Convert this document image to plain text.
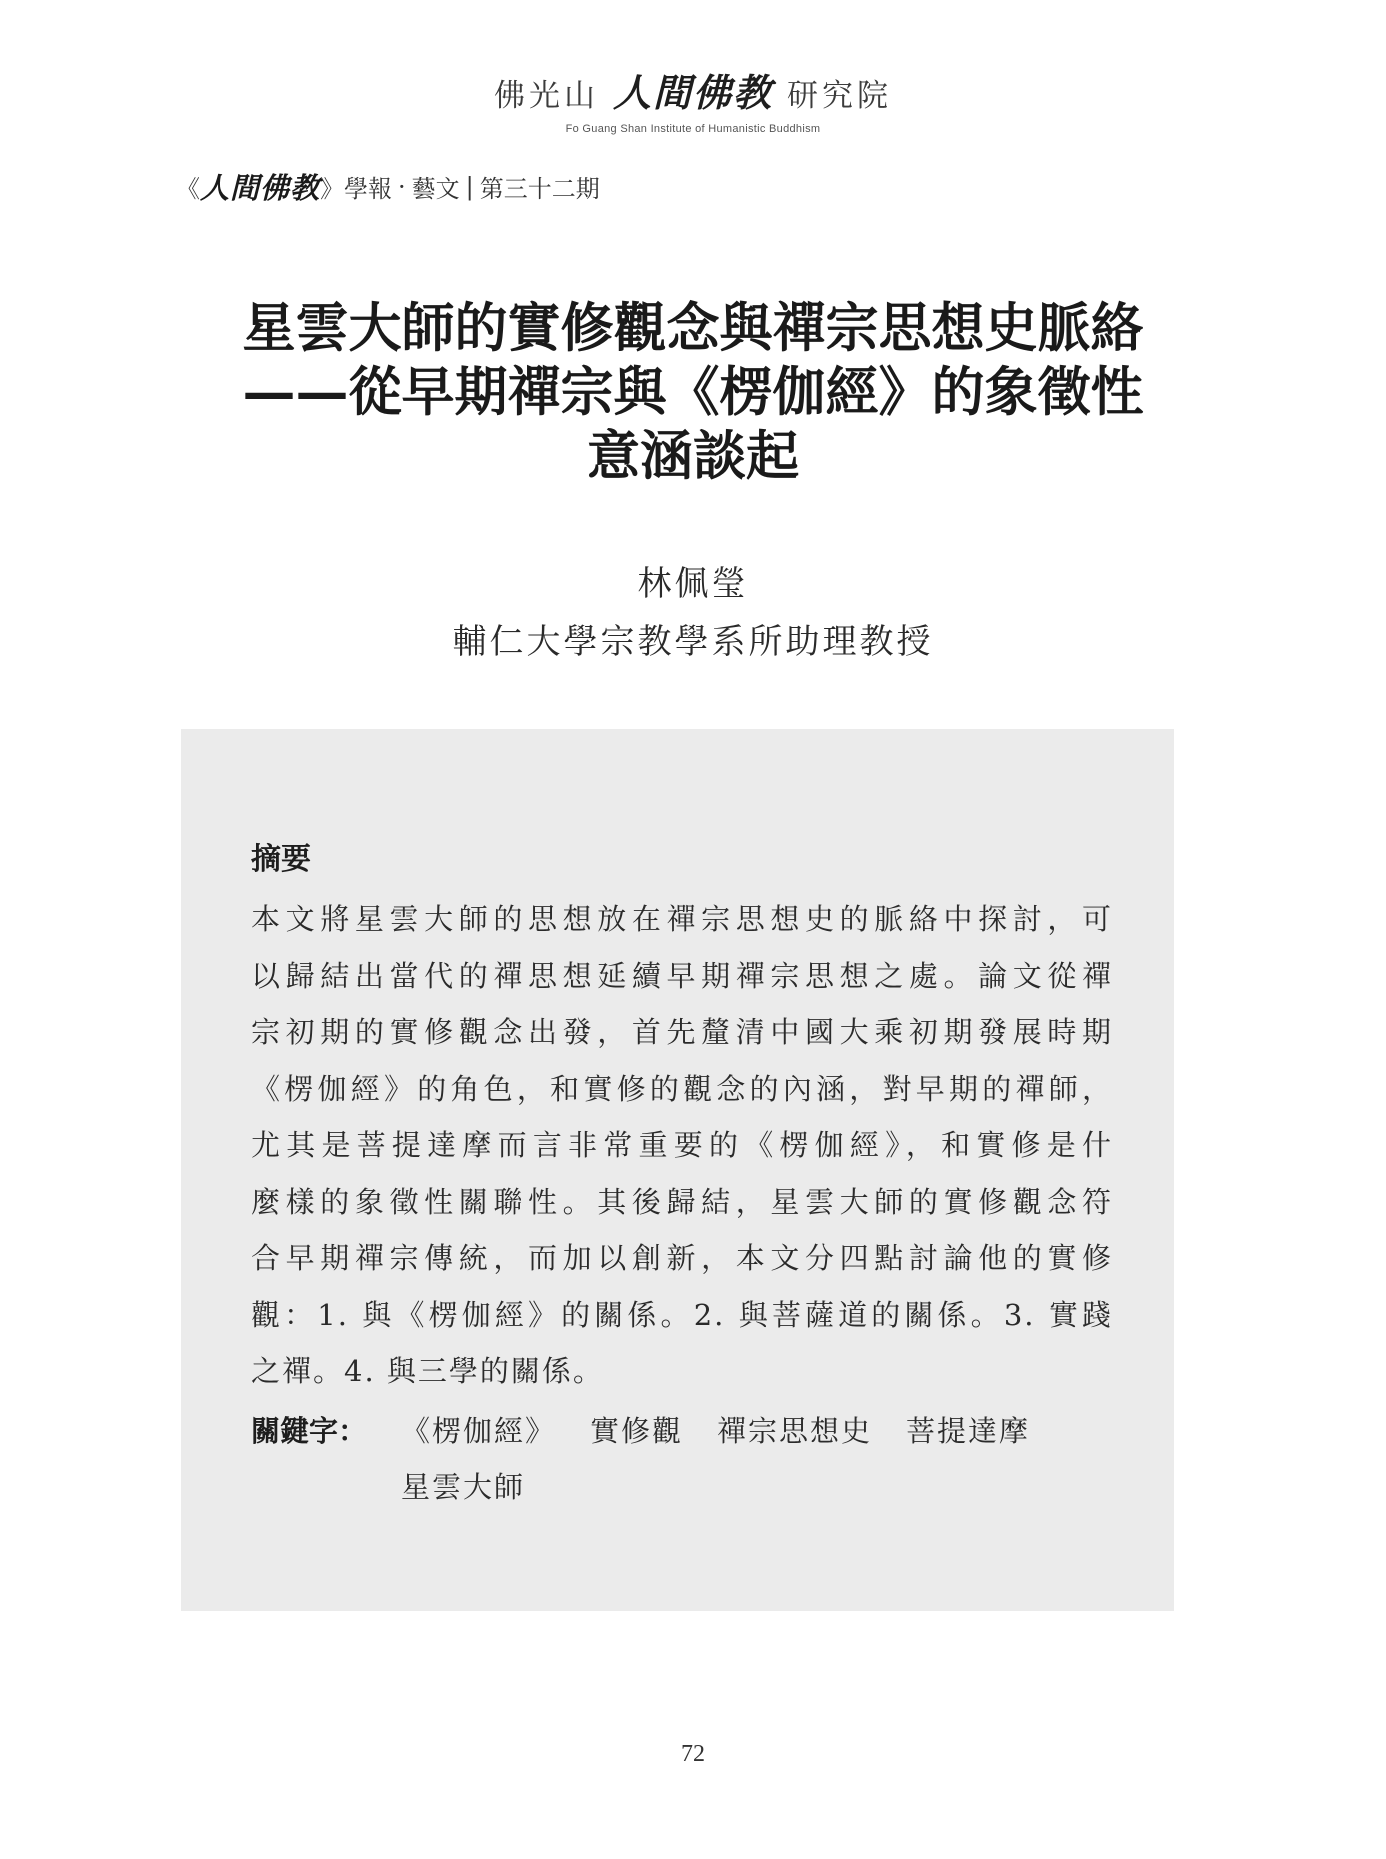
佛光山 人間佛教 研究院
Fo Guang Shan Institute of Humanistic Buddhism
《 人間佛教 》 學報 · 藝文 | 第三十二期
星雲大師的實修觀念與禪宗思想史脈絡
——從早期禪宗與《楞伽經》的象徵性
意涵談起
林佩瑩
輔仁大學宗教學系所助理教授
摘要
本文將星雲大師的思想放在禪宗思想史的脈絡中探討，可
以歸結出當代的禪思想延續早期禪宗思想之處。論文從禪
宗初期的實修觀念出發，首先釐清中國大乘初期發展時期
《楞伽經》的角色，和實修的觀念的內涵，對早期的禪師，
尤其是菩提達摩而言非常重要的《楞伽經》，和實修是什
麼樣的象徵性關聯性。其後歸結，星雲大師的實修觀念符
合早期禪宗傳統，而加以創新，本文分四點討論他的實修
觀：1. 與《楞伽經》的關係。2. 與菩薩道的關係。3. 實踐
之禪。4. 與三學的關係。
關鍵字：	《楞伽經》 實修觀 禪宗思想史 菩提達摩
星雲大師
72
